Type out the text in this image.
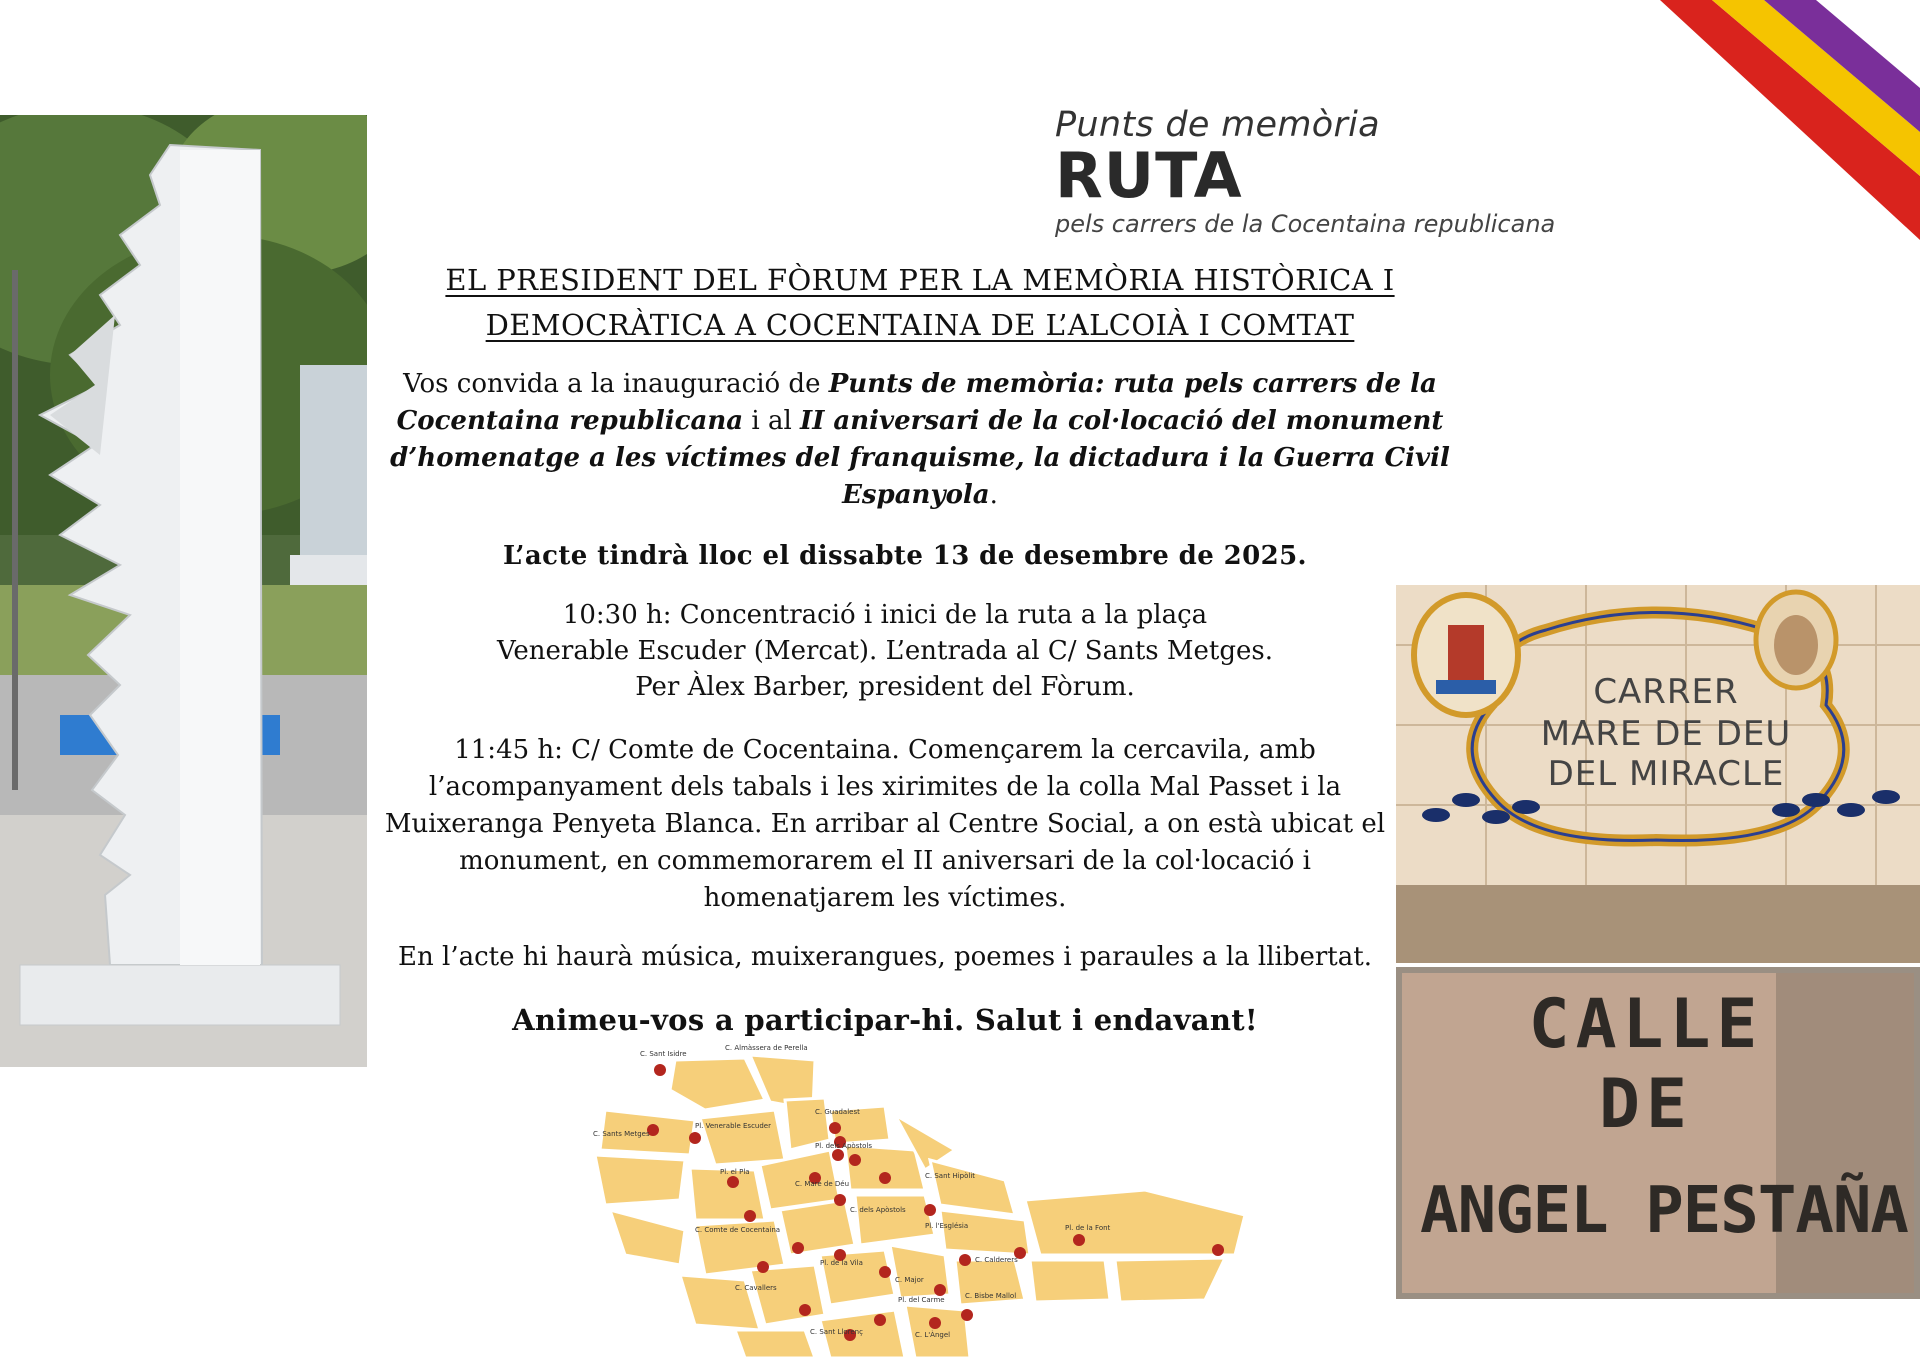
Punts de memòria
RUTA
pels carrers de la Cocentaina republicana
EL PRESIDENT DEL FÒRUM PER LA MEMÒRIA HISTÒRICA I
DEMOCRÀTICA A COCENTAINA DE L’ALCOIÀ I COMTAT
Vos convida a la inauguració de Punts de memòria: ruta pels carrers de la Cocentaina republicana i al II aniversari de la col·locació del monument d’homenatge a les víctimes del franquisme, la dictadura i la Guerra Civil Espanyola.
L’acte tindrà lloc el dissabte 13 de desembre de 2025.
10:30 h: Concentració i inici de la ruta a la plaça
Venerable Escuder (Mercat). L’entrada al C/ Sants Metges.
Per Àlex Barber, president del Fòrum.
11:45 h: C/ Comte de Cocentaina. Començarem la cercavila, amb
l’acompanyament dels tabals i les xirimites de la colla Mal Passet i la
Muixeranga Penyeta Blanca. En arribar al Centre Social, a on està ubicat el
monument, en commemorarem el II aniversari de la col·locació i
homenatjarem les víctimes.
En l’acte hi haurà música, muixerangues, poemes i paraules a la llibertat.
Animeu-vos a participar-hi. Salut i endavant!
CARRER
MARE DE DEU
DEL MIRACLE
CALLE
DE
ANGEL PESTAÑA
C. Sant Isidre
C. Almàssera de Perella
C. Sants Metges
Pl. Venerable Escuder
C. Guadalest
Pl. dels Apòstols
Pl. el Pla
C. Mare de Déu
C. Sant Hipòlit
C. dels Apòstols
Pl. l'Església	Pl. de la Font
C. Comte de Cocentaina
Pl. de la Vila	C. Calderers
C. Major
C. Cavallers
Pl. del Carme	C. Bisbe Mallol
C. Sant Llorenç	C. L'Àngel
